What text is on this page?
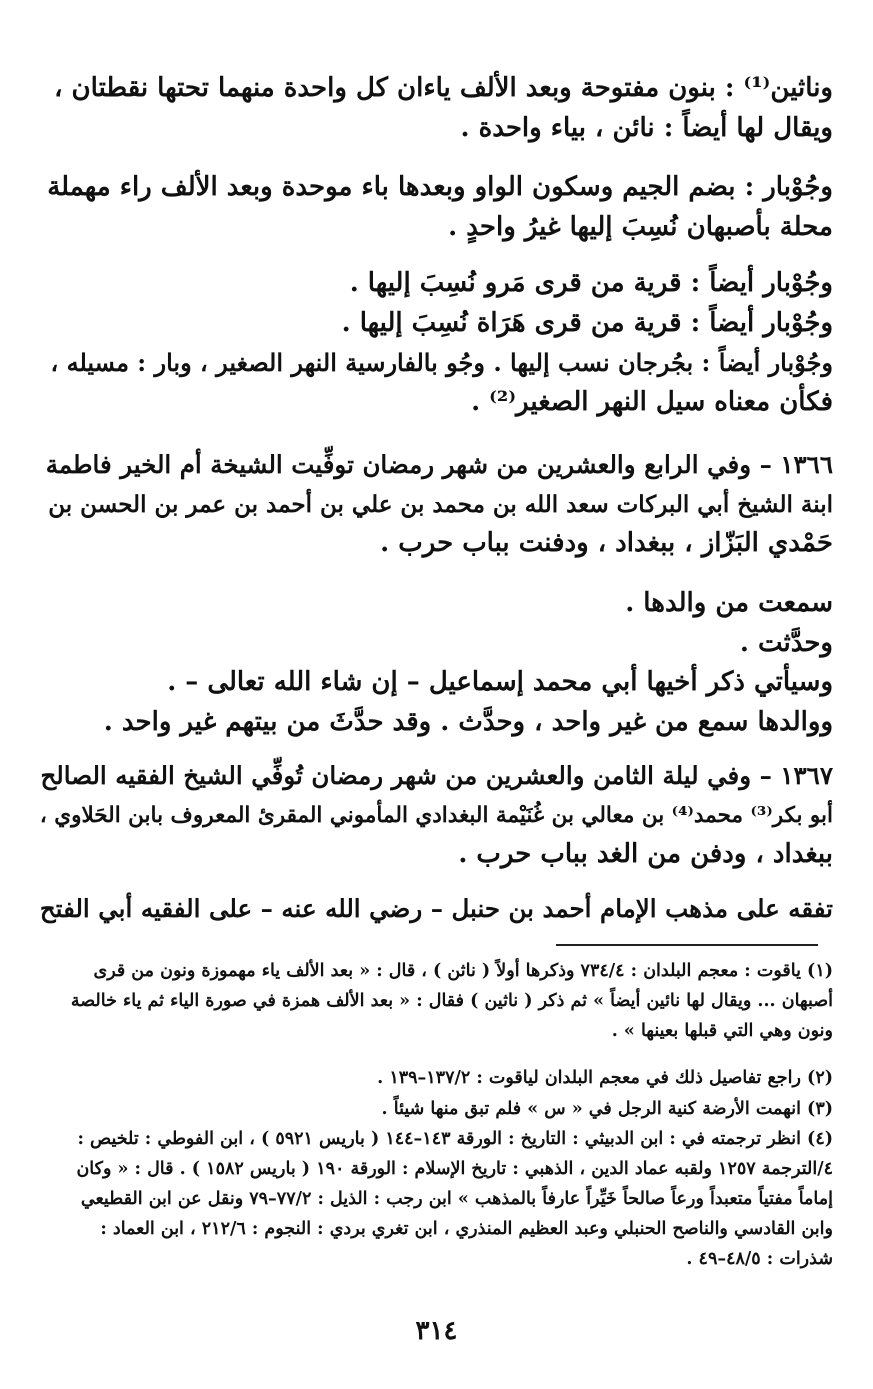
وناثين⁽¹⁾ : بنون مفتوحة وبعد الألف ياءان كل واحدة منهما تحتها نقطتان ،
ويقال لها أيضاً : نائن ، بياء واحدة .
وجُوْبار : بضم الجيم وسكون الواو وبعدها باء موحدة وبعد الألف راء مهملة
محلة بأصبهان نُسِبَ إليها غيرُ واحدٍ .
وجُوْبار أيضاً : قرية من قرى مَرو نُسِبَ إليها .
وجُوْبار أيضاً : قرية من قرى هَرَاة نُسِبَ إليها .
وجُوْبار أيضاً : بجُرجان نسب إليها . وجُو بالفارسية النهر الصغير ، وبار : مسيله ،
فكأن معناه سيل النهر الصغير⁽²⁾ .
١٣٦٦ – وفي الرابع والعشرين من شهر رمضان توفِّيت الشيخة أم الخير فاطمة
ابنة الشيخ أبي البركات سعد الله بن محمد بن علي بن أحمد بن عمر بن الحسن بن
حَمْدي البَزّاز ، ببغداد ، ودفنت بباب حرب .
سمعت من والدها .
وحدَّثت .
وسيأتي ذكر أخيها أبي محمد إسماعيل – إن شاء الله تعالى – .
ووالدها سمع من غير واحد ، وحدَّث . وقد حدَّثَ من بيتهم غير واحد .
١٣٦٧ – وفي ليلة الثامن والعشرين من شهر رمضان تُوفِّي الشيخ الفقيه الصالح
أبو بكر⁽³⁾ محمد⁽⁴⁾ بن معالي بن غُنَيْمة البغدادي المأموني المقرئ المعروف بابن الحَلاوي ،
ببغداد ، ودفن من الغد بباب حرب .
تفقه على مذهب الإمام أحمد بن حنبل – رضي الله عنه – على الفقيه أبي الفتح
(١) ياقوت : معجم البلدان : ٧٣٤/٤ وذكرها أولاً ( ناثن ) ، قال : « بعد الألف ياء مهموزة ونون من قرى
أصبهان ... ويقال لها نائين أيضاً » ثم ذكر ( ناثين ) فقال : « بعد الألف همزة في صورة الياء ثم ياء خالصة
ونون وهي التي قبلها بعينها » .
(٢) راجع تفاصيل ذلك في معجم البلدان لياقوت : ١٣٧/٢–١٣٩ .
(٣) انهمت الأرضة كنية الرجل في « س » فلم تبق منها شيئاً .
(٤) انظر ترجمته في : ابن الدبيثي : التاريخ : الورقة ١٤٣–١٤٤ ( باريس ٥٩٢١ ) ، ابن الفوطي : تلخيص :
٤/الترجمة ١٢٥٧ ولقبه عماد الدين ، الذهبي : تاريخ الإسلام : الورقة ١٩٠ ( باريس ١٥٨٢ ) . قال : « وكان
إماماً مفتياً متعبداً ورعاً صالحاً خَيِّراً عارفاً بالمذهب » ابن رجب : الذيل : ٧٧/٢–٧٩ ونقل عن ابن القطيعي
وابن القادسي والناصح الحنبلي وعبد العظيم المنذري ، ابن تغري بردي : النجوم : ٢١٢/٦ ، ابن العماد :
شذرات : ٤٨/٥–٤٩ .
٣١٤
